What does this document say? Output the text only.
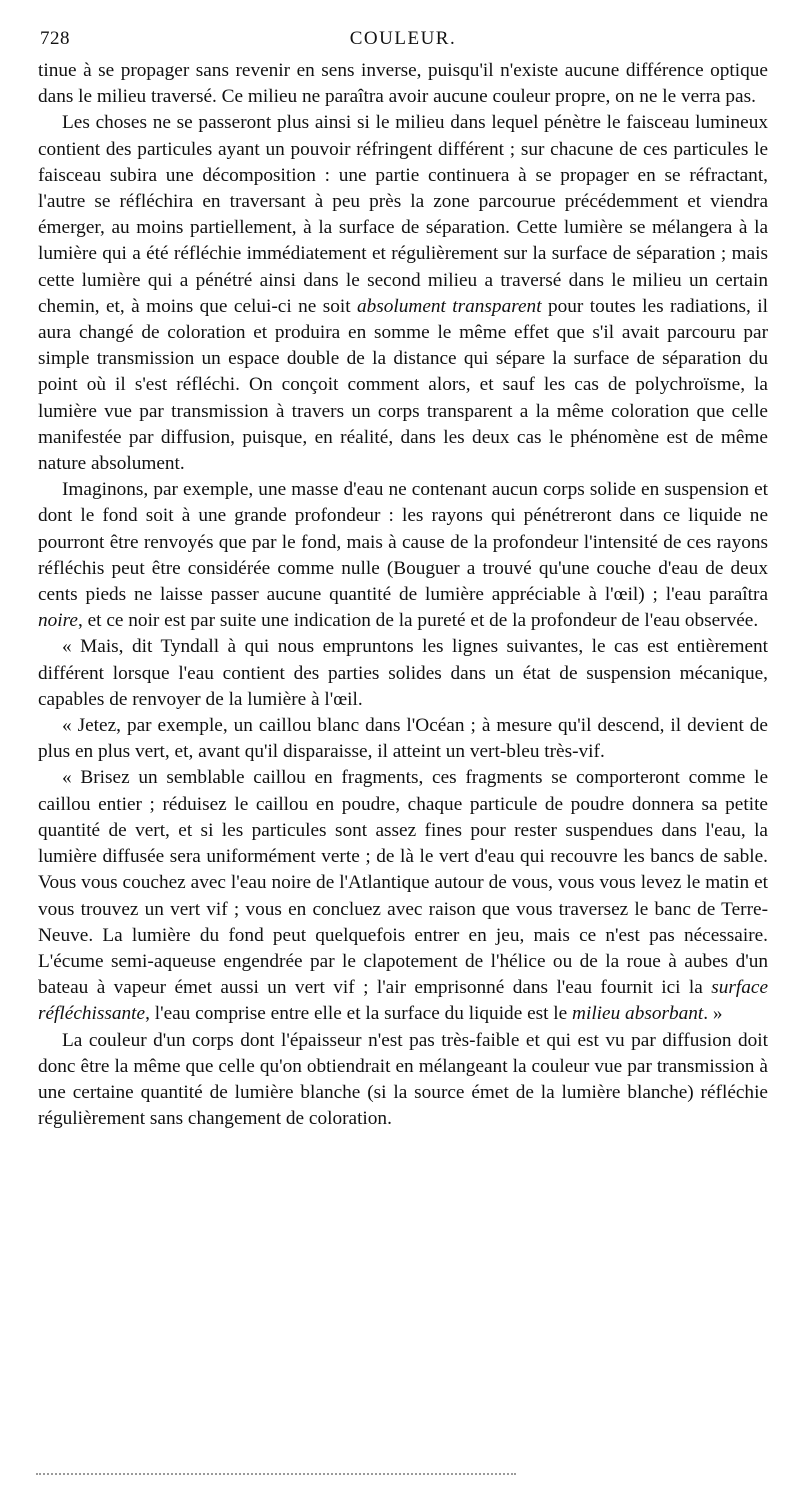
728	COULEUR.

tinue à se propager sans revenir en sens inverse, puisqu'il n'existe aucune différence optique dans le milieu traversé. Ce milieu ne paraîtra avoir aucune couleur propre, on ne le verra pas.

Les choses ne se passeront plus ainsi si le milieu dans lequel pénètre le faisceau lumineux contient des particules ayant un pouvoir réfringent différent ; sur chacune de ces particules le faisceau subira une décomposition : une partie continuera à se propager en se réfractant, l'autre se réfléchira en traversant à peu près la zone parcourue précédemment et viendra émerger, au moins partiellement, à la surface de séparation. Cette lumière se mélangera à la lumière qui a été réfléchie immédiatement et régulièrement sur la surface de séparation ; mais cette lumière qui a pénétré ainsi dans le second milieu a traversé dans le milieu un certain chemin, et, à moins que celui-ci ne soit absolument transparent pour toutes les radiations, il aura changé de coloration et produira en somme le même effet que s'il avait parcouru par simple transmission un espace double de la distance qui sépare la surface de séparation du point où il s'est réfléchi. On conçoit comment alors, et sauf les cas de polychroïsme, la lumière vue par transmission à travers un corps transparent a la même coloration que celle manifestée par diffusion, puisque, en réalité, dans les deux cas le phénomène est de même nature absolument.

Imaginons, par exemple, une masse d'eau ne contenant aucun corps solide en suspension et dont le fond soit à une grande profondeur : les rayons qui pénétreront dans ce liquide ne pourront être renvoyés que par le fond, mais à cause de la profondeur l'intensité de ces rayons réfléchis peut être considérée comme nulle (Bouguer a trouvé qu'une couche d'eau de deux cents pieds ne laisse passer aucune quantité de lumière appréciable à l'œil) ; l'eau paraîtra noire, et ce noir est par suite une indication de la pureté et de la profondeur de l'eau observée.

« Mais, dit Tyndall à qui nous empruntons les lignes suivantes, le cas est entièrement différent lorsque l'eau contient des parties solides dans un état de suspension mécanique, capables de renvoyer de la lumière à l'œil.

« Jetez, par exemple, un caillou blanc dans l'Océan ; à mesure qu'il descend, il devient de plus en plus vert, et, avant qu'il disparaisse, il atteint un vert-bleu très-vif.

« Brisez un semblable caillou en fragments, ces fragments se comporteront comme le caillou entier ; réduisez le caillou en poudre, chaque particule de poudre donnera sa petite quantité de vert, et si les particules sont assez fines pour rester suspendues dans l'eau, la lumière diffusée sera uniformément verte ; de là le vert d'eau qui recouvre les bancs de sable. Vous vous couchez avec l'eau noire de l'Atlantique autour de vous, vous vous levez le matin et vous trouvez un vert vif ; vous en concluez avec raison que vous traversez le banc de Terre-Neuve. La lumière du fond peut quelquefois entrer en jeu, mais ce n'est pas nécessaire. L'écume semi-aqueuse engendrée par le clapotement de l'hélice ou de la roue à aubes d'un bateau à vapeur émet aussi un vert vif ; l'air emprisonné dans l'eau fournit ici la surface réfléchissante, l'eau comprise entre elle et la surface du liquide est le milieu absorbant. »

La couleur d'un corps dont l'épaisseur n'est pas très-faible et qui est vu par diffusion doit donc être la même que celle qu'on obtiendrait en mélangeant la couleur vue par transmission à une certaine quantité de lumière blanche (si la source émet de la lumière blanche) réfléchie régulièrement sans changement de coloration.
